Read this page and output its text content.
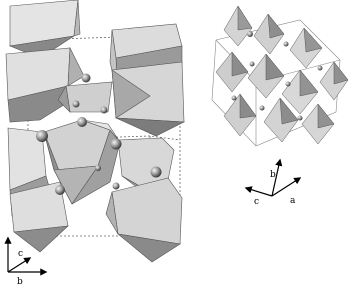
c
b
b
c	a
